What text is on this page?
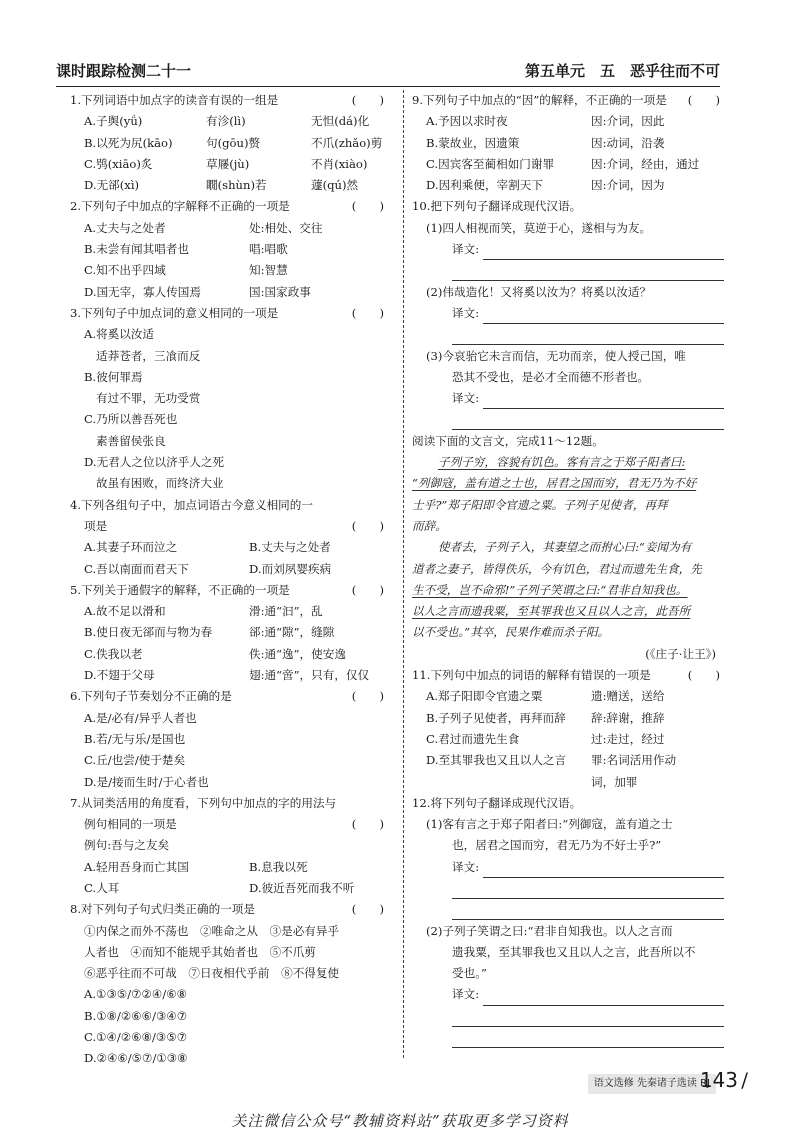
课时跟踪检测二十一	第五单元　五　恶乎往而不可
1.下列词语中加点字的读音有误的一组是	(　　)
A.子舆(yǘ)	有沴(lì)	无怛(dá)化
B.以死为尻(kāo)	句(gōu)赘	不爪(zhǎo)剪
C.鸮(xiāo)炙	草屦(jù)	不肖(xiào)
D.无郤(xì)	瞯(shùn)若	蘧(qú)然
2.下列句子中加点的字解释不正确的一项是	(　　)
A.丈夫与之处者	处:相处、交往
B.未尝有闻其唱者也	唱:唱歌
C.知不出乎四域	知:智慧
D.国无宰，寡人传国焉	国:国家政事
3.下列句子中加点词的意义相同的一项是	(　　)
A.将奚以汝适
适莽苍者，三飡而反
B.彼何罪焉
有过不罪，无功受赏
C.乃所以善吾死也
素善留侯张良
D.无君人之位以济乎人之死
故虽有困败，而终济大业
4.下列各组句子中，加点词语古今意义相同的一
项是	(　　)
A.其妻子环而泣之	B.丈夫与之处者
C.吾以南面而君天下	D.而刘夙婴疾病
5.下列关于通假字的解释，不正确的一项是	(　　)
A.故不足以滑和	滑:通“汩”，乱
B.使日夜无郤而与物为春	郤:通“隙”，缝隙
C.佚我以老	佚:通“逸”，使安逸
D.不翅于父母	翅:通“啻”，只有，仅仅
6.下列句子节奏划分不正确的是	(　　)
A.是/必有/异乎人者也
B.若/无与乐/是国也
C.丘/也尝/使于楚矣
D.是/接而生时/于心者也
7.从词类活用的角度看，下列句中加点的字的用法与
例句相同的一项是	(　　)
例句:吾与之友矣
A.轻用吾身而亡其国	B.息我以死
C.人耳	D.彼近吾死而我不听
8.对下列句子句式归类正确的一项是	(　　)
①内保之而外不荡也　②唯命之从　③是必有异乎
人者也　④而知不能规乎其始者也　⑤不爪剪
⑥恶乎往而不可哉　⑦日夜相代乎前　⑧不得复使
A.①③⑤/⑦②④/⑥⑧
B.①⑧/②⑥⑥/③④⑦
C.①④/②⑥⑧/③⑤⑦
D.②④⑥/⑤⑦/①③⑧
9.下列句子中加点的“因”的解释，不正确的一项是 (　　)
A.予因以求时夜	因:介词，因此
B.蒙故业，因遗策	因:动词，沿袭
C.因宾客至蔺相如门谢罪	因:介词，经由，通过
D.因利乘便，宰割天下	因:介词，因为
10.把下列句子翻译成现代汉语。
(1)四人相视而笑，莫逆于心，遂相与为友。
译文:
(2)伟哉造化！又将奚以汝为？将奚以汝适？
译文:
(3)今哀骀它未言而信，无功而亲，使人授己国，唯
恐其不受也，是必才全而德不形者也。
译文:
阅读下面的文言文，完成11～12题。
子列子穷，容貌有饥色。客有言之于郑子阳者曰:
“列御寇，盖有道之士也，居君之国而穷，君无乃为不好
士乎?”郑子阳即令官遗之粟。子列子见使者，再拜
而辞。
使者去，子列子入，其妻望之而拊心曰:“妾闻为有
道者之妻子，皆得佚乐，今有饥色，君过而遗先生食，先
生不受，岂不命邪!”子列子笑谓之曰:“君非自知我也。
以人之言而遗我粟，至其罪我也又且以人之言，此吾所
以不受也。”其卒，民果作难而杀子阳。
(《庄子·让王》)
11.下列句中加点的词语的解释有错误的一项是	(　　)
A.郑子阳即令官遗之粟	遗:赠送，送给
B.子列子见使者，再拜而辞 辞:辞谢，推辞
C.君过而遗先生食	过:走过，经过
D.至其罪我也又且以人之言 罪:名词活用作动
词，加罪
12.将下列句子翻译成现代汉语。
(1)客有言之于郑子阳者曰:“列御寇，盖有道之士
也，居君之国而穷，君无乃为不好士乎?”
译文:
(2)子列子笑谓之曰:“君非自知我也。以人之言而
遗我粟，至其罪我也又且以人之言，此吾所以不
受也。”
译文:
语文选修 先秦诸子选读 RJ
143 /
关注微信公众号“教辅资料站”获取更多学习资料
